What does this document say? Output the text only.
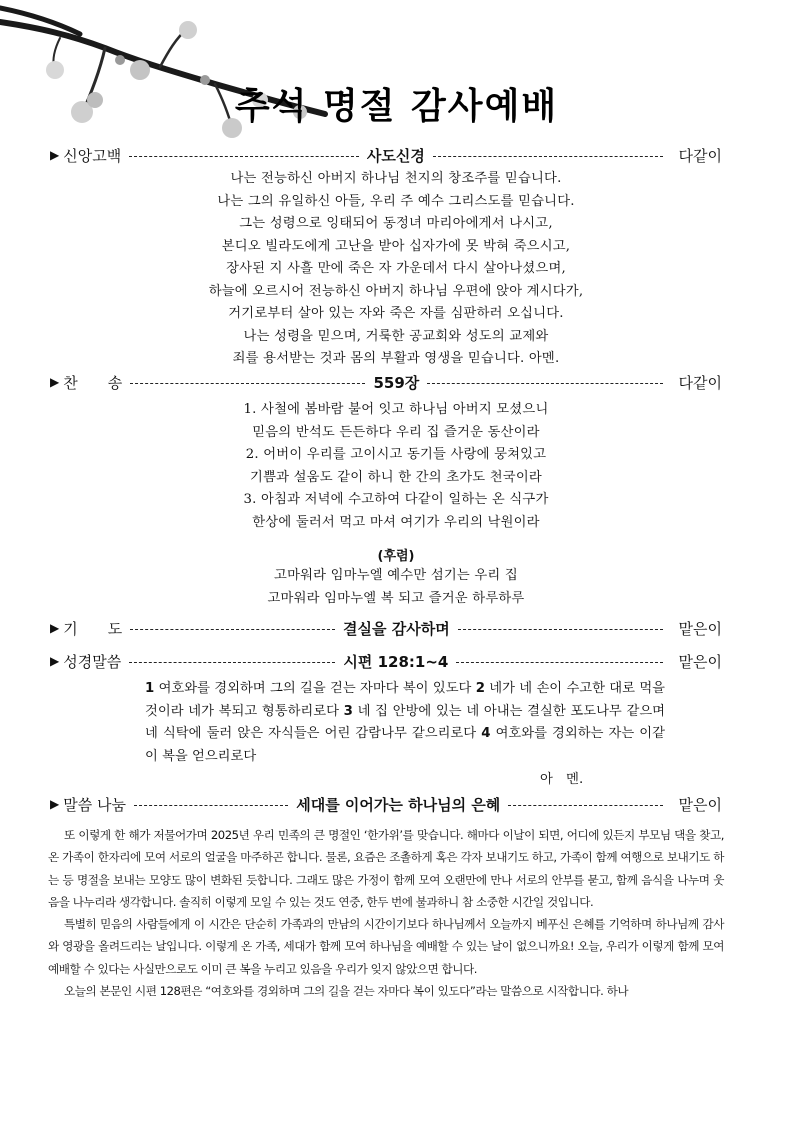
추석 명절 감사예배
▶ 신앙고백	사도신경	다같이
나는 전능하신 아버지 하나님 천지의 창조주를 믿습니다.
나는 그의 유일하신 아들, 우리 주 예수 그리스도를 믿습니다.
그는 성령으로 잉태되어 동정녀 마리아에게서 나시고,
본디오 빌라도에게 고난을 받아 십자가에 못 박혀 죽으시고,
장사된 지 사흘 만에 죽은 자 가운데서 다시 살아나셨으며,
하늘에 오르시어 전능하신 아버지 하나님 우편에 앉아 계시다가,
거기로부터 살아 있는 자와 죽은 자를 심판하러 오십니다.
나는 성령을 믿으며, 거룩한 공교회와 성도의 교제와
죄를 용서받는 것과 몸의 부활과 영생을 믿습니다. 아멘.
▶ 찬　　송	559장	다같이
1. 사철에 봄바람 불어 잇고 하나님 아버지 모셨으니
믿음의 반석도 든든하다 우리 집 즐거운 동산이라
2. 어버이 우리를 고이시고 동기들 사랑에 뭉쳐있고
기쁨과 설움도 같이 하니 한 간의 초가도 천국이라
3. 아침과 저녁에 수고하여 다같이 일하는 온 식구가
한상에 둘러서 먹고 마셔 여기가 우리의 낙원이라
(후렴)
고마워라 임마누엘 예수만 섬기는 우리 집
고마워라 임마누엘 복 되고 즐거운 하루하루
▶ 기　　도	결실을 감사하며	맡은이
▶ 성경말씀	시편 128:1~4	맡은이
1 여호와를 경외하며 그의 길을 걷는 자마다 복이 있도다 2 네가 네 손이 수고한 대로 먹을 것이라 네가 복되고 형통하리로다 3 네 집 안방에 있는 네 아내는 결실한 포도나무 같으며 네 식탁에 둘러 앉은 자식들은 어린 감람나무 같으리로다 4 여호와를 경외하는 자는 이같이 복을 얻으리로다
아　멘.
▶ 말씀 나눔	세대를 이어가는 하나님의 은혜	맡은이

또 이렇게 한 해가 저물어가며 2025년 우리 민족의 큰 명절인 ‘한가위’를 맞습니다. 해마다 이날이 되면, 어디에 있든지 부모님 댁을 찾고, 온 가족이 한자리에 모여 서로의 얼굴을 마주하곤 합니다. 물론, 요즘은 조촐하게 혹은 각자 보내기도 하고, 가족이 함께 여행으로 보내기도 하는 등 명절을 보내는 모양도 많이 변화된 듯합니다. 그래도 많은 가정이 함께 모여 오랜만에 만나 서로의 안부를 묻고, 함께 음식을 나누며 웃음을 나누리라 생각합니다. 솔직히 이렇게 모일 수 있는 것도 연중, 한두 번에 불과하니 참 소중한 시간일 것입니다.

특별히 믿음의 사람들에게 이 시간은 단순히 가족과의 만남의 시간이기보다 하나님께서 오늘까지 베푸신 은혜를 기억하며 하나님께 감사와 영광을 올려드리는 날입니다. 이렇게 온 가족, 세대가 함께 모여 하나님을 예배할 수 있는 날이 없으니까요! 오늘, 우리가 이렇게 함께 모여 예배할 수 있다는 사실만으로도 이미 큰 복을 누리고 있음을 우리가 잊지 않았으면 합니다.

오늘의 본문인 시편 128편은 “여호와를 경외하며 그의 길을 걷는 자마다 복이 있도다”라는 말씀으로 시작합니다. 하나
